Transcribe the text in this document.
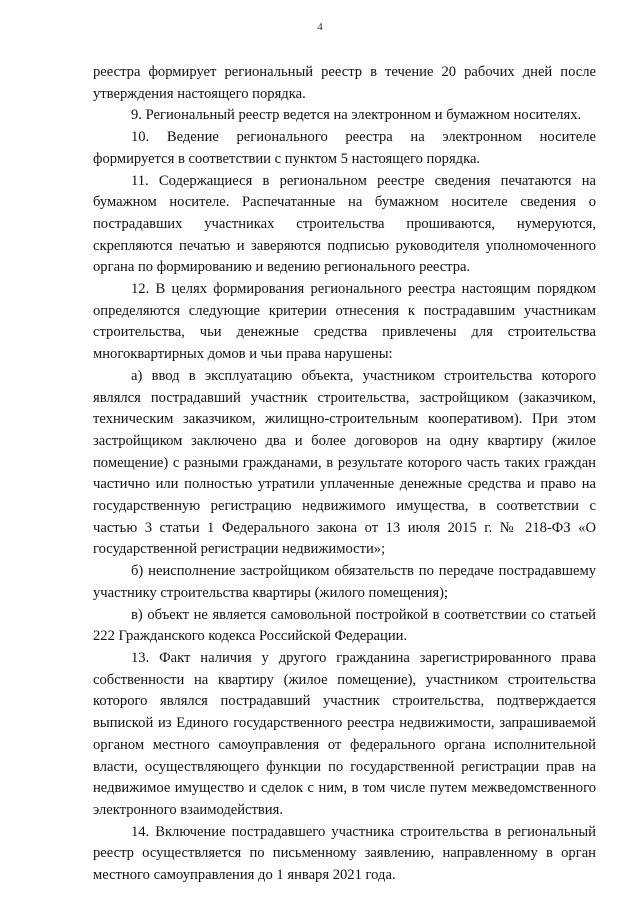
4

реестра формирует региональный реестр в течение 20 рабочих дней после утверждения настоящего порядка.

9. Региональный реестр ведется на электронном и бумажном носителях.

10. Ведение регионального реестра на электронном носителе формируется в соответствии с пунктом 5 настоящего порядка.

11. Содержащиеся в региональном реестре сведения печатаются на бумажном носителе. Распечатанные на бумажном носителе сведения о пострадавших участниках строительства прошиваются, нумеруются, скрепляются печатью и заверяются подписью руководителя уполномоченного органа по формированию и ведению регионального реестра.

12. В целях формирования регионального реестра настоящим порядком определяются следующие критерии отнесения к пострадавшим участникам строительства, чьи денежные средства привлечены для строительства многоквартирных домов и чьи права нарушены:

а) ввод в эксплуатацию объекта, участником строительства которого являлся пострадавший участник строительства, застройщиком (заказчиком, техническим заказчиком, жилищно-строительным кооперативом). При этом застройщиком заключено два и более договоров на одну квартиру (жилое помещение) с разными гражданами, в результате которого часть таких граждан частично или полностью утратили уплаченные денежные средства и право на государственную регистрацию недвижимого имущества, в соответствии с частью 3 статьи 1 Федерального закона от 13 июля 2015 г. № 218-ФЗ «О государственной регистрации недвижимости»;

б) неисполнение застройщиком обязательств по передаче пострадавшему участнику строительства квартиры (жилого помещения);

в) объект не является самовольной постройкой в соответствии со статьей 222 Гражданского кодекса Российской Федерации.

13. Факт наличия у другого гражданина зарегистрированного права собственности на квартиру (жилое помещение), участником строительства которого являлся пострадавший участник строительства, подтверждается выпиской из Единого государственного реестра недвижимости, запрашиваемой органом местного самоуправления от федерального органа исполнительной власти, осуществляющего функции по государственной регистрации прав на недвижимое имущество и сделок с ним, в том числе путем межведомственного электронного взаимодействия.

14. Включение пострадавшего участника строительства в региональный реестр осуществляется по письменному заявлению, направленному в орган местного самоуправления до 1 января 2021 года.
